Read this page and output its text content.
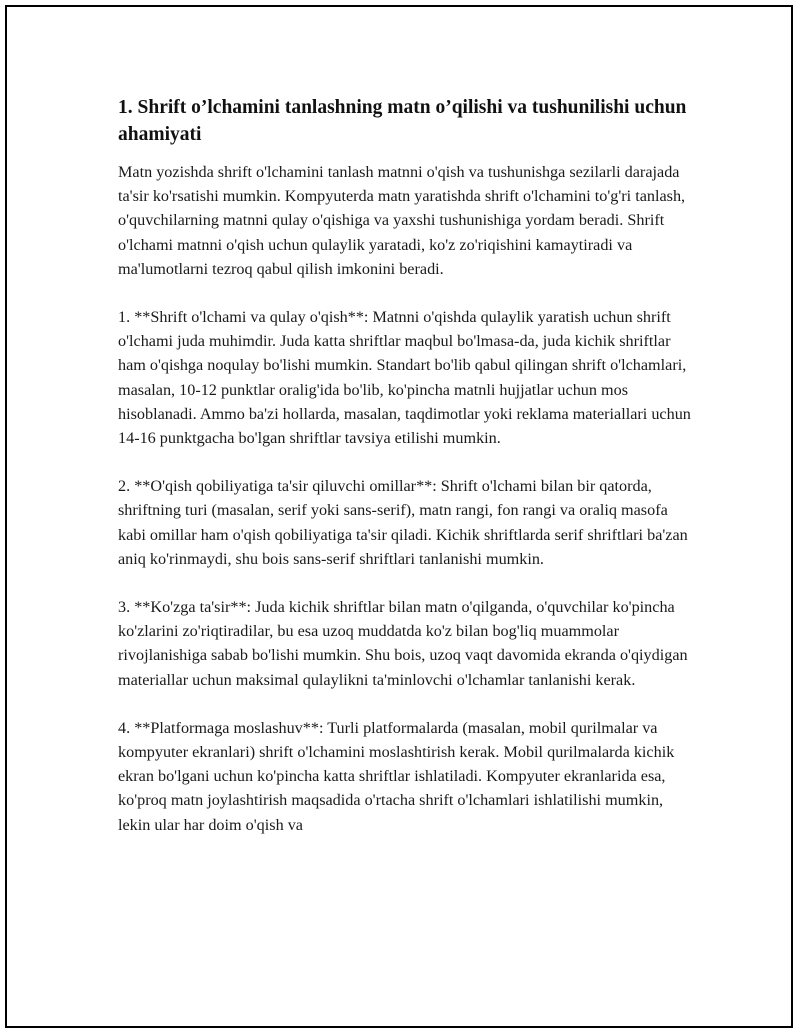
1. Shrift o’lchamini tanlashning matn o’qilishi va tushunilishi uchun ahamiyati

Matn yozishda shrift o'lchamini tanlash matnni o'qish va tushunishga sezilarli darajada ta'sir ko'rsatishi mumkin. Kompyuterda matn yaratishda shrift o'lchamini to'g'ri tanlash, o'quvchilarning matnni qulay o'qishiga va yaxshi tushunishiga yordam beradi. Shrift o'lchami matnni o'qish uchun qulaylik yaratadi, ko'z zo'riqishini kamaytiradi va ma'lumotlarni tezroq qabul qilish imkonini beradi.

1. **Shrift o'lchami va qulay o'qish**: Matnni o'qishda qulaylik yaratish uchun shrift o'lchami juda muhimdir. Juda katta shriftlar maqbul bo'lmasa-da, juda kichik shriftlar ham o'qishga noqulay bo'lishi mumkin. Standart bo'lib qabul qilingan shrift o'lchamlari, masalan, 10-12 punktlar oralig'ida bo'lib, ko'pincha matnli hujjatlar uchun mos hisoblanadi. Ammo ba'zi hollarda, masalan, taqdimotlar yoki reklama materiallari uchun 14-16 punktgacha bo'lgan shriftlar tavsiya etilishi mumkin.

2. **O'qish qobiliyatiga ta'sir qiluvchi omillar**: Shrift o'lchami bilan bir qatorda, shriftning turi (masalan, serif yoki sans-serif), matn rangi, fon rangi va oraliq masofa kabi omillar ham o'qish qobiliyatiga ta'sir qiladi. Kichik shriftlarda serif shriftlari ba'zan aniq ko'rinmaydi, shu bois sans-serif shriftlari tanlanishi mumkin.

3. **Ko'zga ta'sir**: Juda kichik shriftlar bilan matn o'qilganda, o'quvchilar ko'pincha ko'zlarini zo'riqtiradilar, bu esa uzoq muddatda ko'z bilan bog'liq muammolar rivojlanishiga sabab bo'lishi mumkin. Shu bois, uzoq vaqt davomida ekranda o'qiydigan materiallar uchun maksimal qulaylikni ta'minlovchi o'lchamlar tanlanishi kerak.

4. **Platformaga moslashuv**: Turli platformalarda (masalan, mobil qurilmalar va kompyuter ekranlari) shrift o'lchamini moslashtirish kerak. Mobil qurilmalarda kichik ekran bo'lgani uchun ko'pincha katta shriftlar ishlatiladi. Kompyuter ekranlarida esa, ko'proq matn joylashtirish maqsadida o'rtacha shrift o'lchamlari ishlatilishi mumkin, lekin ular har doim o'qish va
